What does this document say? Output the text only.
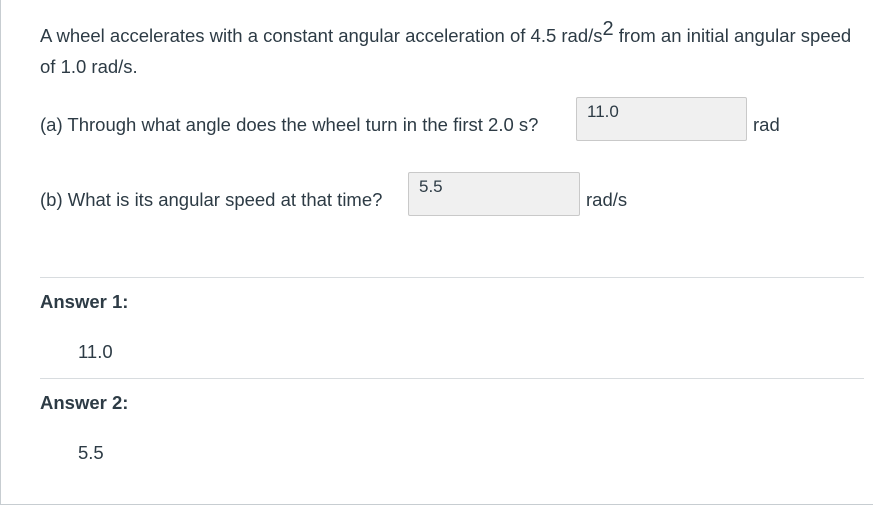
A wheel accelerates with a constant angular acceleration of 4.5 rad/$s^2$ from an initial angular speed of 1.0 rad/s.
(a) Through what angle does the wheel turn in the first 2.0 s?
11.0
rad
(b) What is its angular speed at that time?
5.5
rad/s
Answer 1:
11.0
Answer 2:
5.5
